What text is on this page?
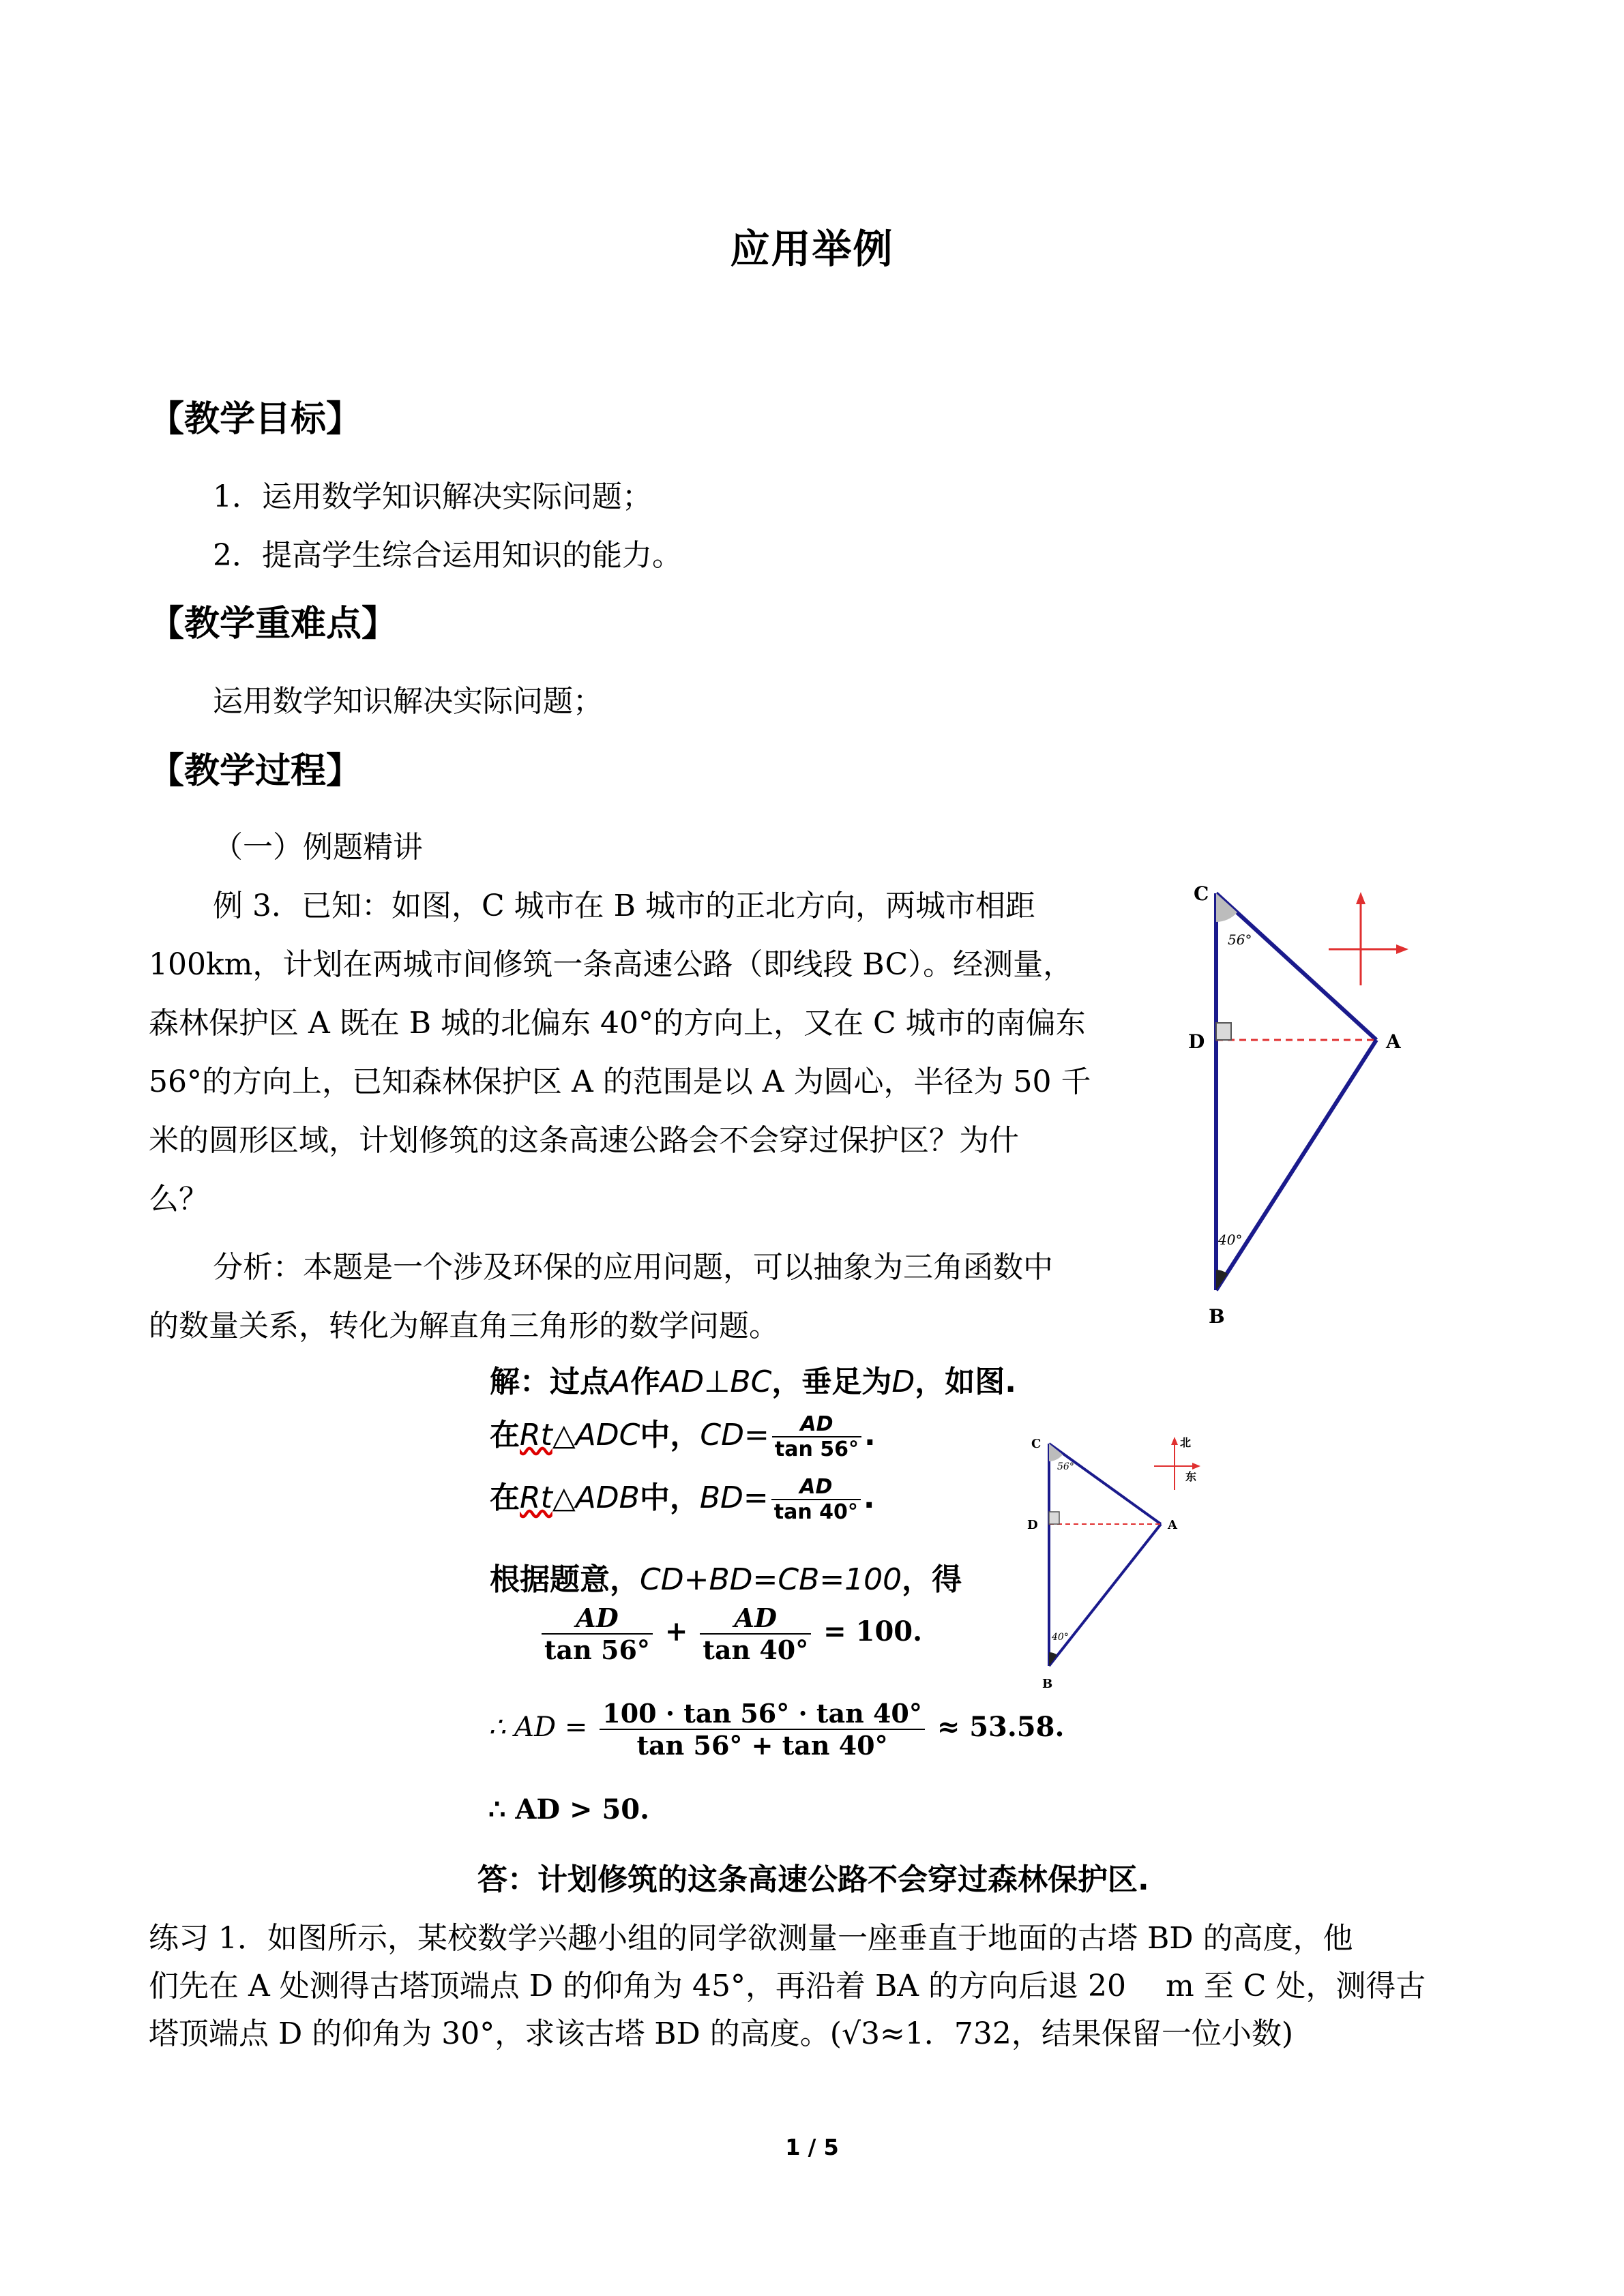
应用举例
【教学目标】
1．运用数学知识解决实际问题；
2．提高学生综合运用知识的能力。
【教学重难点】
运用数学知识解决实际问题；
【教学过程】
（一）例题精讲
例 3．已知：如图，C 城市在 B 城市的正北方向，两城市相距
100km，计划在两城市间修筑一条高速公路（即线段 BC）。经测量，
森林保护区 A 既在 B 城的北偏东 40°的方向上，又在 C 城市的南偏东
56°的方向上，已知森林保护区 A 的范围是以 A 为圆心，半径为 50 千
米的圆形区域，计划修筑的这条高速公路会不会穿过保护区？为什
么？
分析：本题是一个涉及环保的应用问题，可以抽象为三角函数中
的数量关系，转化为解直角三角形的数学问题。
C
D	A
B
56°
40°
解：过点A作AD⊥BC，垂足为D，如图.
在Rt△ADC中，$CD= \frac{AD}{\tan 56^\circ}$ .
在Rt△ADB中，$BD= \frac{AD}{\tan 40^\circ}$ .
根据题意，CD+BD=CB=100，得
$\frac{AD}{\tan 56^\circ} + \frac{AD}{\tan 40^\circ} = 100$.
∴ AD = $\frac{100 \cdot \tan 56^\circ \cdot \tan 40^\circ}{\tan 56^\circ + \tan 40^\circ} \approx 53.58$.
∴ AD > 50.
答：计划修筑的这条高速公路不会穿过森林保护区.
C
D	A
B
56°
40°
北
东
练习 1．如图所示，某校数学兴趣小组的同学欲测量一座垂直于地面的古塔 BD 的高度，他
们先在 A 处测得古塔顶端点 D 的仰角为 45°，再沿着 BA 的方向后退 20　 m 至 C 处，测得古
塔顶端点 D 的仰角为 30°，求该古塔 BD 的高度。(√3≈1．732，结果保留一位小数)
1 / 5
